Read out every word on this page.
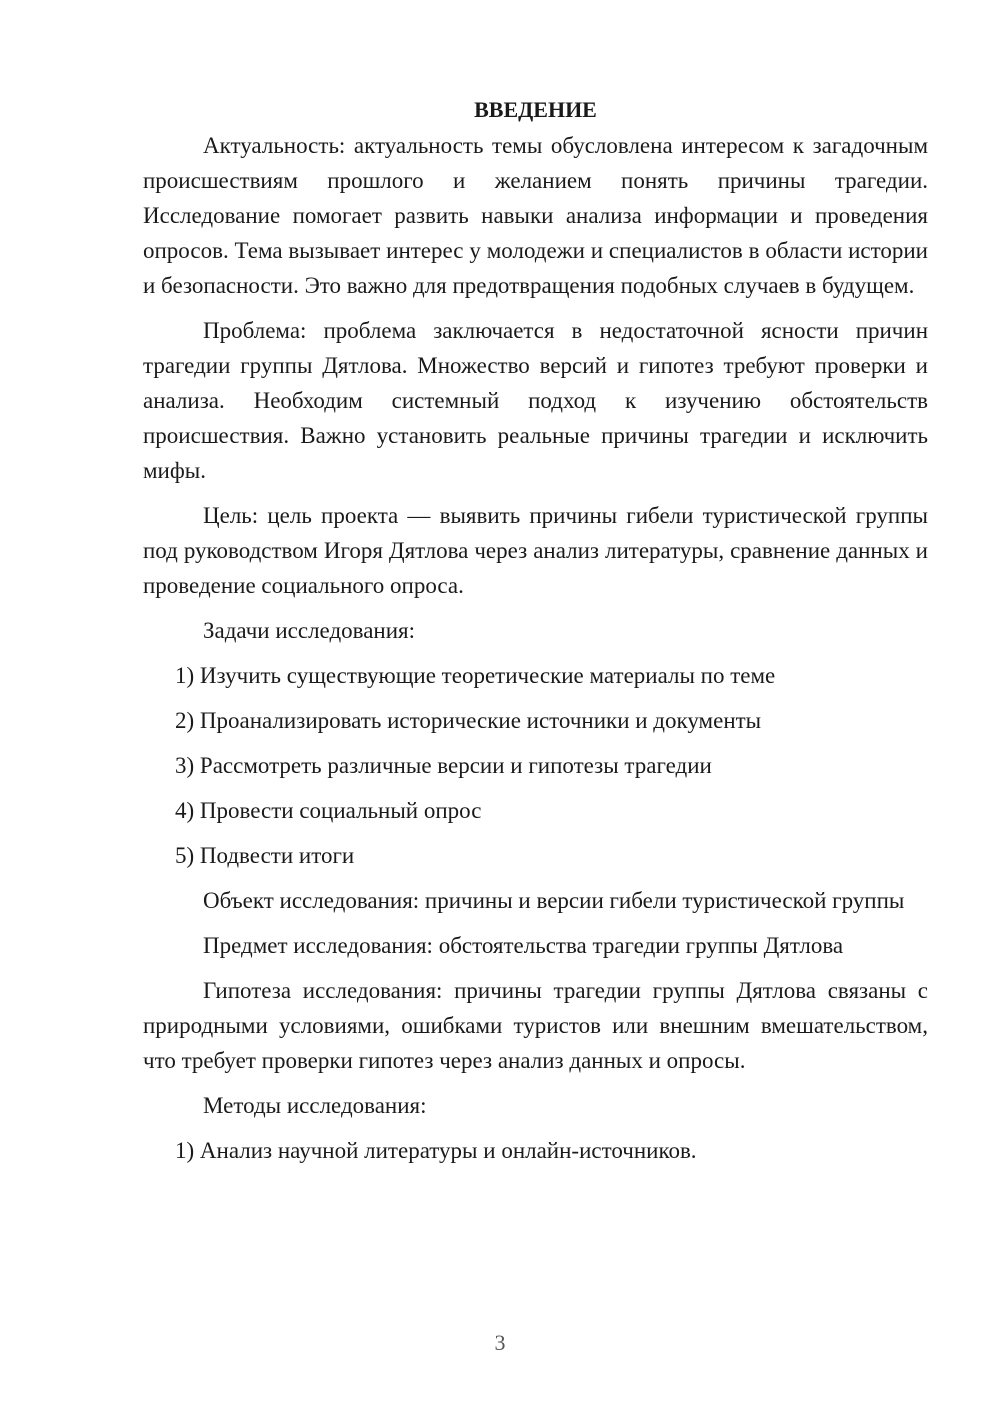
ВВЕДЕНИЕ

Актуальность: актуальность темы обусловлена интересом к загадочным происшествиям прошлого и желанием понять причины трагедии. Исследование помогает развить навыки анализа информации и проведения опросов. Тема вызывает интерес у молодежи и специалистов в области истории и безопасности. Это важно для предотвращения подобных случаев в будущем.

Проблема: проблема заключается в недостаточной ясности причин трагедии группы Дятлова. Множество версий и гипотез требуют проверки и анализа. Необходим системный подход к изучению обстоятельств происшествия. Важно установить реальные причины трагедии и исключить мифы.

Цель: цель проекта — выявить причины гибели туристической группы под руководством Игоря Дятлова через анализ литературы, сравнение данных и проведение социального опроса.

Задачи исследования:

1) Изучить существующие теоретические материалы по теме
2) Проанализировать исторические источники и документы
3) Рассмотреть различные версии и гипотезы трагедии
4) Провести социальный опрос
5) Подвести итоги

Объект исследования: причины и версии гибели туристической группы

Предмет исследования: обстоятельства трагедии группы Дятлова

Гипотеза исследования: причины трагедии группы Дятлова связаны с природными условиями, ошибками туристов или внешним вмешательством, что требует проверки гипотез через анализ данных и опросы.

Методы исследования:

1) Анализ научной литературы и онлайн-источников.
3
